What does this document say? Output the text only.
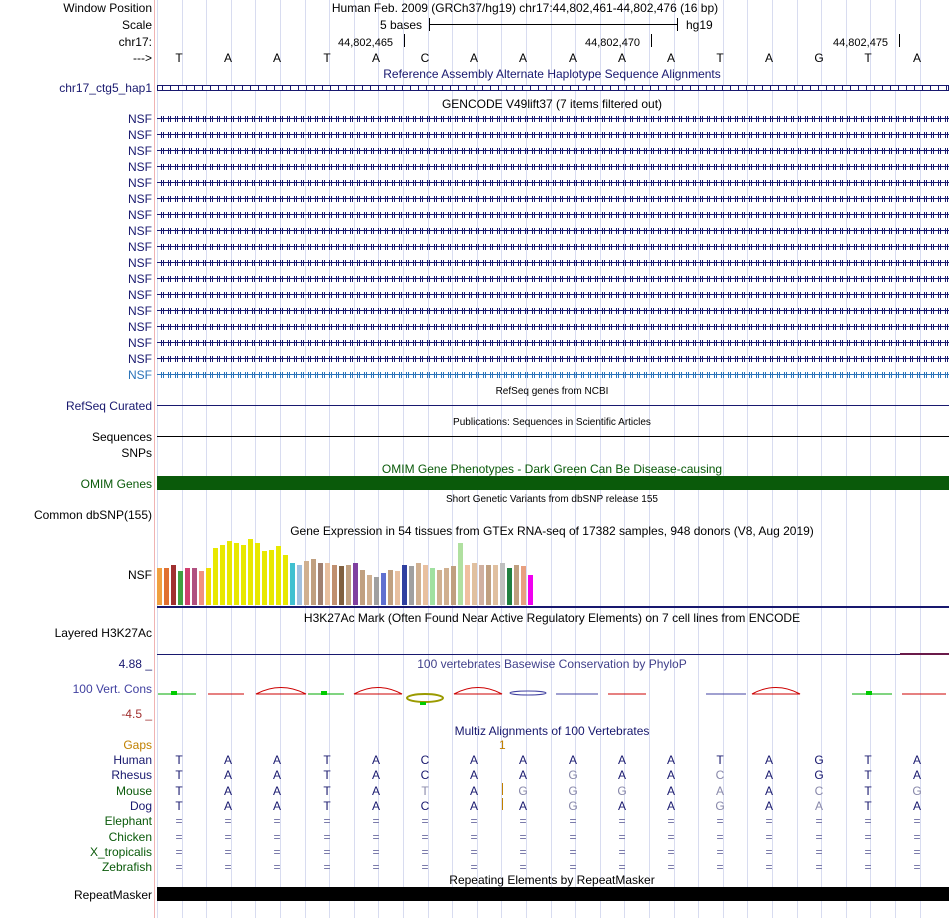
Window Position	Human Feb. 2009 (GRCh37/hg19) chr17:44,802,461-44,802,476 (16 bp)
Scale	5 bases	hg19
chr17:	44,802,465	44,802,470	44,802,475
--->	T	A	A	T	A	C	A	A	A	A	A	T	A	G	T	A
Reference Assembly Alternate Haplotype Sequence Alignments
chr17_ctg5_hap1
GENCODE V49lift37 (7 items filtered out)
NSF
NSF
NSF
NSF
NSF
NSF
NSF
NSF
NSF
NSF
NSF
NSF
NSF
NSF
NSF
NSF
NSF
RefSeq genes from NCBI
RefSeq Curated
Publications: Sequences in Scientific Articles
Sequences
SNPs
OMIM Gene Phenotypes - Dark Green Can Be Disease-causing
OMIM Genes
Short Genetic Variants from dbSNP release 155
Common dbSNP(155)
Gene Expression in 54 tissues from GTEx RNA-seq of 17382 samples, 948 donors (V8, Aug 2019)
NSF
H3K27Ac Mark (Often Found Near Active Regulatory Elements) on 7 cell lines from ENCODE
Layered H3K27Ac
100 vertebrates Basewise Conservation by PhyloP
4.88 _
100 Vert. Cons
-4.5 _
Multiz Alignments of 100 Vertebrates
Gaps	1
Human	T	A	A	T	A	C	A	A	A	A	A	T	A	G	T	A
Rhesus	T	A	A	T	A	C	A	A	G	A	A	C	A	G	T	A
Mouse	T	A	A	T	A	T	A	G	G	G	A	A	A	C	T	G
Dog	T	A	A	T	A	C	A	A	G	A	A	G	A	A	T	A
Elephant	=	=	=	=	=	=	=	=	=	=	=	=	=	=	=	=
Chicken	=	=	=	=	=	=	=	=	=	=	=	=	=	=	=	=
X_tropicalis	=	=	=	=	=	=	=	=	=	=	=	=	=	=	=	=
Zebrafish	=	=	=	=	=	=	=	=	=	=	=	=	=	=	=	=
Repeating Elements by RepeatMasker
RepeatMasker
